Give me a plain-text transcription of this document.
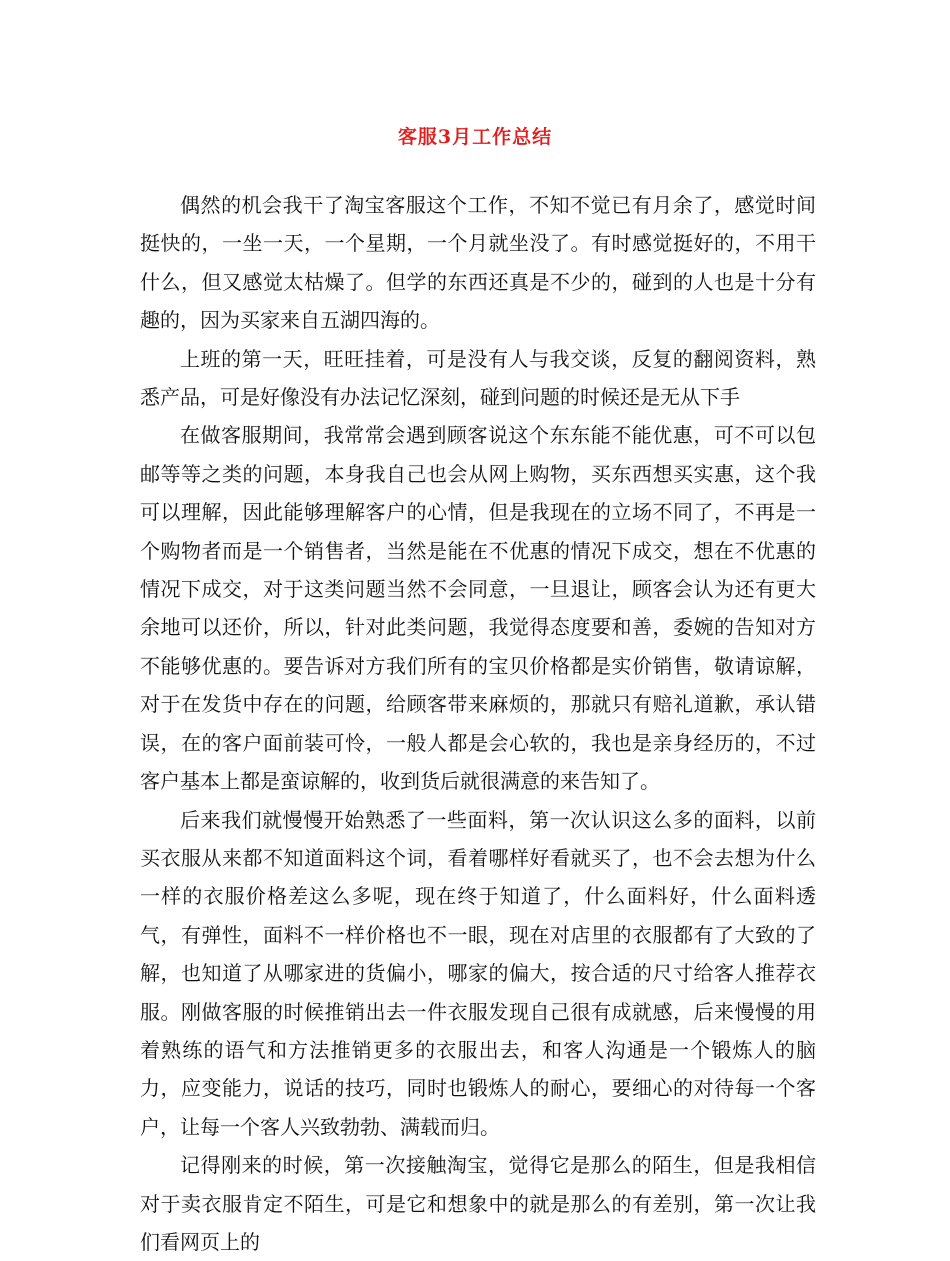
客服3月工作总结

偶然的机会我干了淘宝客服这个工作，不知不觉已有月余了，感觉时间挺快的，一坐一天，一个星期，一个月就坐没了。有时感觉挺好的，不用干什么，但又感觉太枯燥了。但学的东西还真是不少的，碰到的人也是十分有趣的，因为买家来自五湖四海的。

上班的第一天，旺旺挂着，可是没有人与我交谈，反复的翻阅资料，熟悉产品，可是好像没有办法记忆深刻，碰到问题的时候还是无从下手

在做客服期间，我常常会遇到顾客说这个东东能不能优惠，可不可以包邮等等之类的问题，本身我自己也会从网上购物，买东西想买实惠，这个我可以理解，因此能够理解客户的心情，但是我现在的立场不同了，不再是一个购物者而是一个销售者，当然是能在不优惠的情况下成交，想在不优惠的情况下成交，对于这类问题当然不会同意，一旦退让，顾客会认为还有更大余地可以还价，所以，针对此类问题，我觉得态度要和善，委婉的告知对方不能够优惠的。要告诉对方我们所有的宝贝价格都是实价销售，敬请谅解，对于在发货中存在的问题，给顾客带来麻烦的，那就只有赔礼道歉，承认错误，在的客户面前装可怜，一般人都是会心软的，我也是亲身经历的，不过客户基本上都是蛮谅解的，收到货后就很满意的来告知了。

后来我们就慢慢开始熟悉了一些面料，第一次认识这么多的面料，以前买衣服从来都不知道面料这个词，看着哪样好看就买了，也不会去想为什么一样的衣服价格差这么多呢，现在终于知道了，什么面料好，什么面料透气，有弹性，面料不一样价格也不一眼，现在对店里的衣服都有了大致的了解，也知道了从哪家进的货偏小，哪家的偏大，按合适的尺寸给客人推荐衣服。刚做客服的时候推销出去一件衣服发现自己很有成就感，后来慢慢的用着熟练的语气和方法推销更多的衣服出去，和客人沟通是一个锻炼人的脑力，应变能力，说话的技巧，同时也锻炼人的耐心，要细心的对待每一个客户，让每一个客人兴致勃勃、满载而归。

记得刚来的时候，第一次接触淘宝，觉得它是那么的陌生，但是我相信对于卖衣服肯定不陌生，可是它和想象中的就是那么的有差别，第一次让我们看网页上的
